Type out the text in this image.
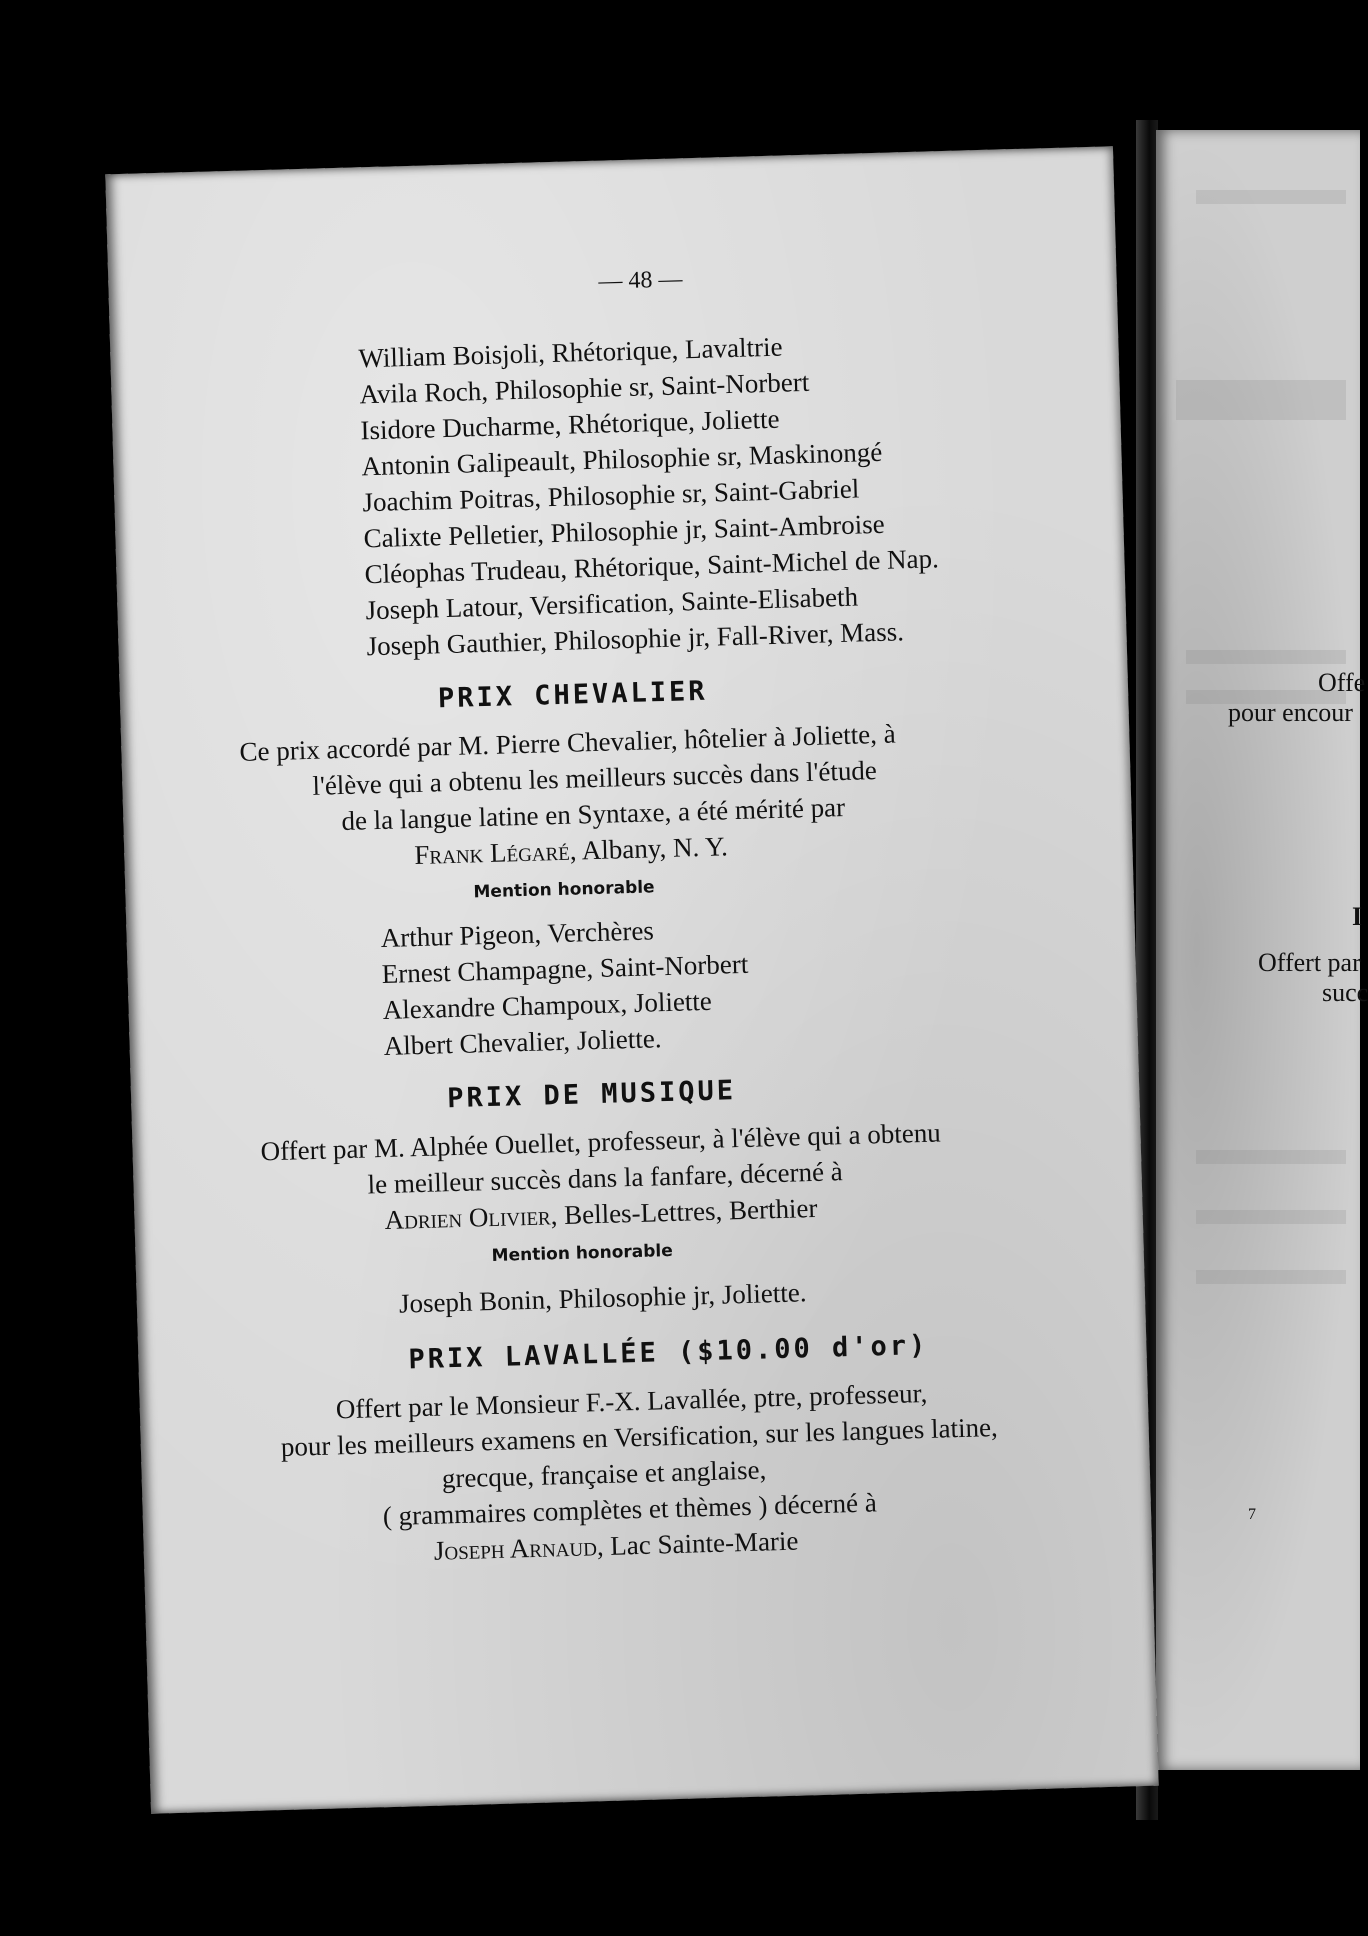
Offe
pour encour
I
Offert par
succ
7
— 48 —
William Boisjoli, Rhétorique, Lavaltrie
Avila Roch, Philosophie sr, Saint-Norbert
Isidore Ducharme, Rhétorique, Joliette
Antonin Galipeault, Philosophie sr, Maskinongé
Joachim Poitras, Philosophie sr, Saint-Gabriel
Calixte Pelletier, Philosophie jr, Saint-Ambroise
Cléophas Trudeau, Rhétorique, Saint-Michel de Nap.
Joseph Latour, Versification, Sainte-Elisabeth
Joseph Gauthier, Philosophie jr, Fall-River, Mass.
PRIX CHEVALIER
Ce prix accordé par M. Pierre Chevalier, hôtelier à Joliette, à
l'élève qui a obtenu les meilleurs succès dans l'étude
de la langue latine en Syntaxe, a été mérité par
Frank Légaré, Albany, N. Y.
Mention honorable
Arthur Pigeon, Verchères
Ernest Champagne, Saint-Norbert
Alexandre Champoux, Joliette
Albert Chevalier, Joliette.
PRIX DE MUSIQUE
Offert par M. Alphée Ouellet, professeur, à l'élève qui a obtenu
le meilleur succès dans la fanfare, décerné à
Adrien Olivier, Belles-Lettres, Berthier
Mention honorable
Joseph Bonin, Philosophie jr, Joliette.
PRIX LAVALLÉE ($10.00 d'or)
Offert par le Monsieur F.-X. Lavallée, ptre, professeur,
pour les meilleurs examens en Versification, sur les langues latine,
grecque, française et anglaise,
( grammaires complètes et thèmes ) décerné à
Joseph Arnaud, Lac Sainte-Marie
